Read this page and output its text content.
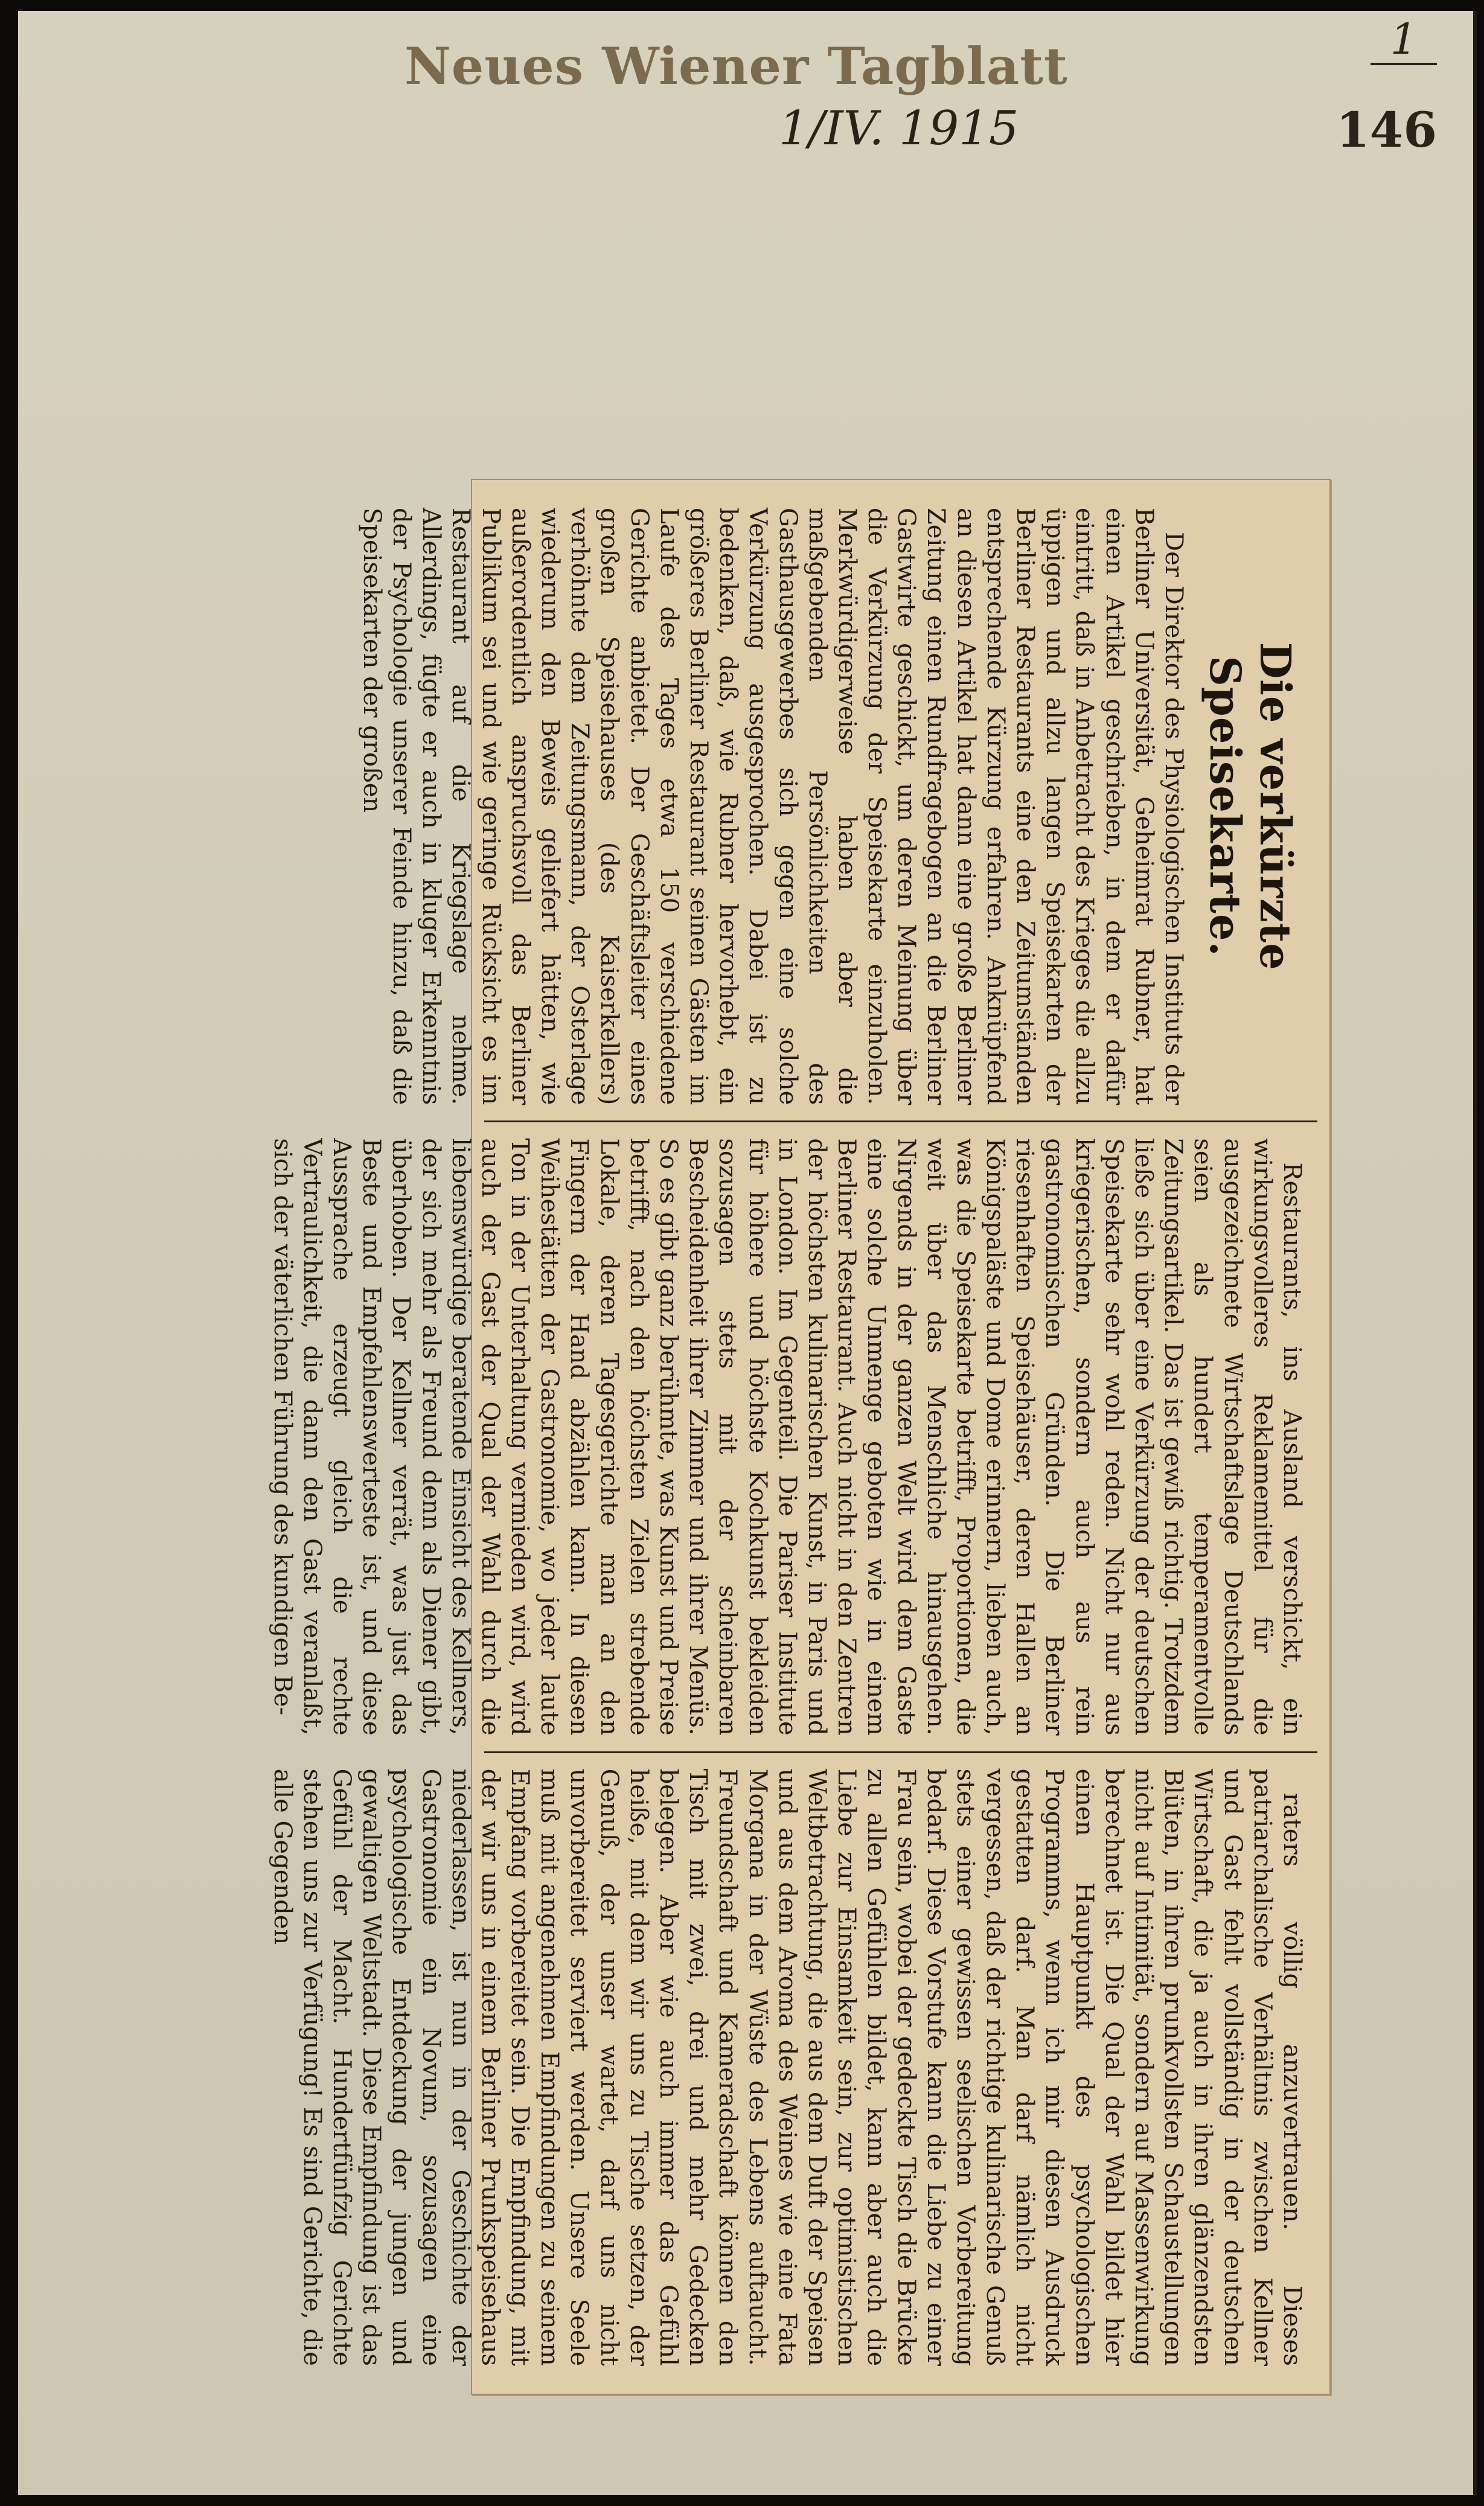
Neues Wiener Tagblatt
1/IV. 1915	146
1
Die verkürzte Speisekarte.

Der Direktor des Physiologischen Instituts der Berliner Universität, Geheimrat Rubner, hat einen Artikel geschrieben, in dem er dafür eintritt, daß in Anbetracht des Krieges die allzu üppigen und allzu langen Speisekarten der Berliner Restaurants eine den Zeitumständen entsprechende Kürzung erfahren. Anknüpfend an diesen Artikel hat dann eine große Berliner Zeitung einen Rundfragebogen an die Berliner Gastwirte geschickt, um deren Meinung über die Verkürzung der Speisekarte einzuholen. Merkwürdigerweise haben aber die maßgebenden Persönlichkeiten des Gasthausgewerbes sich gegen eine solche Verkürzung ausgesprochen. Dabei ist zu bedenken, daß, wie Rubner hervorhebt, ein größeres Berliner Restaurant seinen Gästen im Laufe des Tages etwa 150 verschiedene Gerichte anbietet. Der Geschäftsleiter eines großen Speisehauses (des Kaiserkellers) verhöhnte dem Zeitungsmann, der Osterlage wiederum den Beweis geliefert hätten, wie außerordentlich anspruchsvoll das Berliner Publikum sei und wie geringe Rücksicht es im Restaurant auf die Kriegslage nehme. Allerdings, fügte er auch in kluger Erkenntnis der Psychologie unserer Feinde hinzu, daß die Speisekarten der großen

Restaurants, ins Ausland verschickt, ein wirkungsvolleres Reklamemittel für die ausgezeichnete Wirtschaftslage Deutschlands seien als hundert temperamentvolle Zeitungsartikel. Das ist gewiß richtig. Trotzdem ließe sich über eine Verkürzung der deutschen Speisekarte sehr wohl reden. Nicht nur aus kriegerischen, sondern auch aus rein gastronomischen Gründen. Die Berliner riesenhaften Speisehäuser, deren Hallen an Königspaläste und Dome erinnern, lieben auch, was die Speisekarte betrifft, Proportionen, die weit über das Menschliche hinausgehen. Nirgends in der ganzen Welt wird dem Gaste eine solche Unmenge geboten wie in einem Berliner Restaurant. Auch nicht in den Zentren der höchsten kulinarischen Kunst, in Paris und in London. Im Gegenteil. Die Pariser Institute für höhere und höchste Kochkunst bekleiden sozusagen stets mit der scheinbaren Bescheidenheit ihrer Zimmer und ihrer Menüs. So es gibt ganz berühmte, was Kunst und Preise betrifft, nach den höchsten Zielen strebende Lokale, deren Tagesgerichte man an den Fingern der Hand abzählen kann. In diesen Weihestätten der Gastronomie, wo jeder laute Ton in der Unterhaltung vermieden wird, wird auch der Gast der Qual der Wahl durch die liebenswürdige beratende Einsicht des Kellners, der sich mehr als Freund denn als Diener gibt, überhoben. Der Kellner verrät, was just das Beste und Empfehlenswerteste ist, und diese Aussprache erzeugt gleich die rechte Vertraulichkeit, die dann den Gast veranlaßt, sich der väterlichen Führung des kundigen Be-

raters völlig anzuvertrauen. Dieses patriarchalische Verhältnis zwischen Kellner und Gast fehlt vollständig in der deutschen Wirtschaft, die ja auch in ihren glänzendsten Blüten, in ihren prunkvollsten Schaustellungen nicht auf Intimität, sondern auf Massenwirkung berechnet ist. Die Qual der Wahl bildet hier einen Hauptpunkt des psychologischen Programms, wenn ich mir diesen Ausdruck gestatten darf. Man darf nämlich nicht vergessen, daß der richtige kulinarische Genuß stets einer gewissen seelischen Vorbereitung bedarf. Diese Vorstufe kann die Liebe zu einer Frau sein, wobei der gedeckte Tisch die Brücke zu allen Gefühlen bildet, kann aber auch die Liebe zur Einsamkeit sein, zur optimistischen Weltbetrachtung, die aus dem Duft der Speisen und aus dem Aroma des Weines wie eine Fata Morgana in der Wüste des Lebens auftaucht. Freundschaft und Kameradschaft können den Tisch mit zwei, drei und mehr Gedecken belegen. Aber wie auch immer das Gefühl heiße, mit dem wir uns zu Tische setzen, der Genuß, der unser wartet, darf uns nicht unvorbereitet serviert werden. Unsere Seele muß mit angenehmen Empfindungen zu seinem Empfang vorbereitet sein. Die Empfindung, mit der wir uns in einem Berliner Prunkspeisehaus niederlassen, ist nun in der Geschichte der Gastronomie ein Novum, sozusagen eine psychologische Entdeckung der jungen und gewaltigen Weltstadt. Diese Empfindung ist das Gefühl der Macht. Hundertfünfzig Gerichte stehen uns zur Verfügung! Es sind Gerichte, die alle Gegenden
